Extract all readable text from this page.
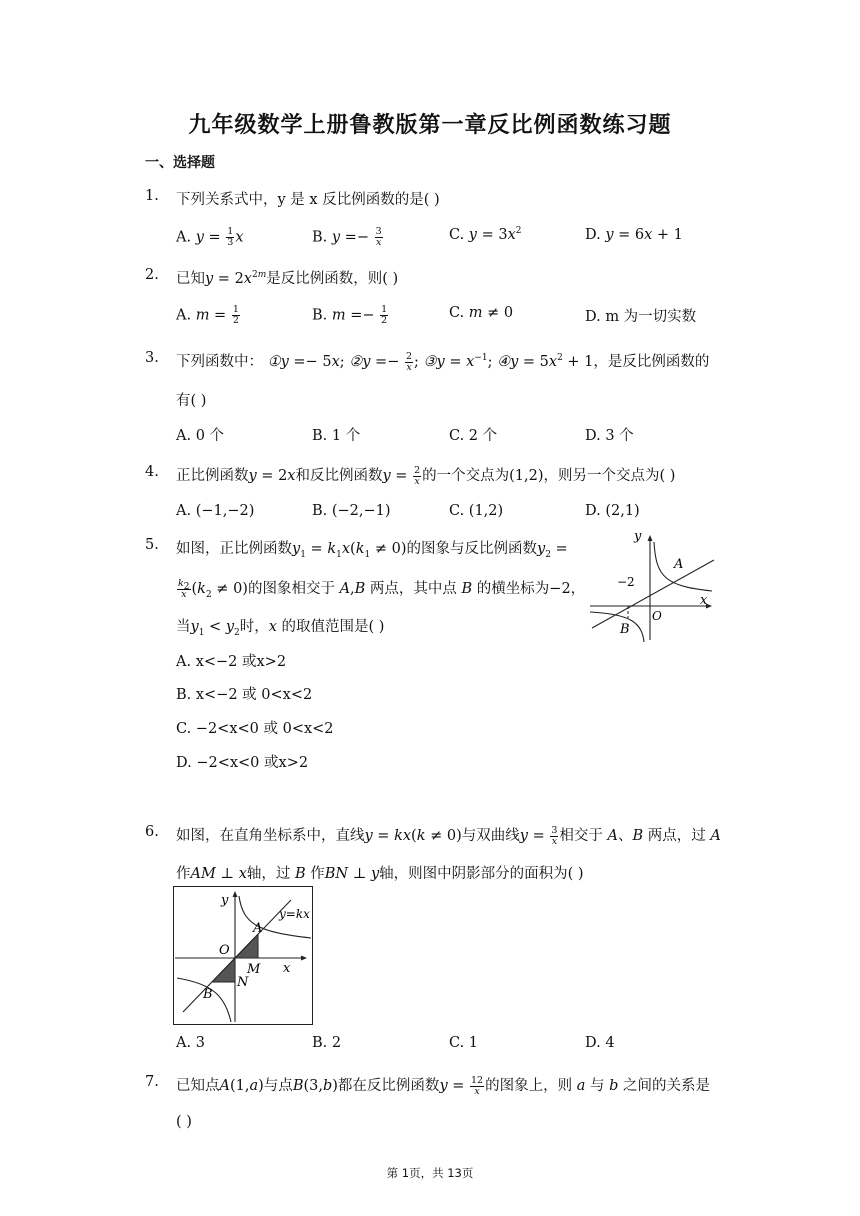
九年级数学上册鲁教版第一章反比例函数练习题
一、选择题
1. 下列关系式中，y 是 x 反比例函数的是( )
A. $y = \frac{1}{3}$ x	B. $y =- \frac{3}{x}$	C. $y = 3x^2$	D. y = 6x + 1
2. 已知$y = 2x^{2m}$是反比例函数，则( )
A. $m = \frac{1}{2}$	B. $m =- \frac{1}{2}$	C. m ≠ 0	D. m 为一切实数
3. 下列函数中： ①y =− 5x; ②y =− $\frac{2}{x}$ ; ③y = $x^{-1}$; ④y = $5x^2 + 1$，是反比例函数的
有( )
A. 0 个	B. 1 个	C. 2 个	D. 3 个
4. 正比例函数y = 2x和反比例函数$y = \frac{2}{x}$ 的一个交点为(1,2)，则另一个交点为( )
A. (−1,−2)	B. (−2,−1)	C. (1,2)	D. (2,1)
5. 如图，正比例函数$y_1 = k_1x(k_1 \ne 0)$的图象与反比例函数$y_2$ =
$\frac{k_2}{x} (k_2 \ne 0)$的图象相交于 A,B 两点，其中点 B 的横坐标为−2，
当$y_1 < y_2$时，x 的取值范围是( )
A. x<−2 或x>2
B. x<−2 或 0<x<2
C. −2<x<0 或 0<x<2
D. −2<x<0 或x>2
y
x
O
A
B
−2
6. 如图，在直角坐标系中，直线y = kx(k ≠ 0)与双曲线$y = \frac{3}{x}$ 相交于 A、B 两点，过 A
作AM ⊥ x轴，过 B 作BN ⊥ y轴，则图中阴影部分的面积为( )
y
x
O
A
B
M
N
y=kx
A. 3	B. 2	C. 1	D. 4
7. 已知点A(1,a)与点B(3,b)都在反比例函数$y = \frac{12}{x}$ 的图象上，则 a 与 b 之间的关系是
( )
第 1页，共 13页
